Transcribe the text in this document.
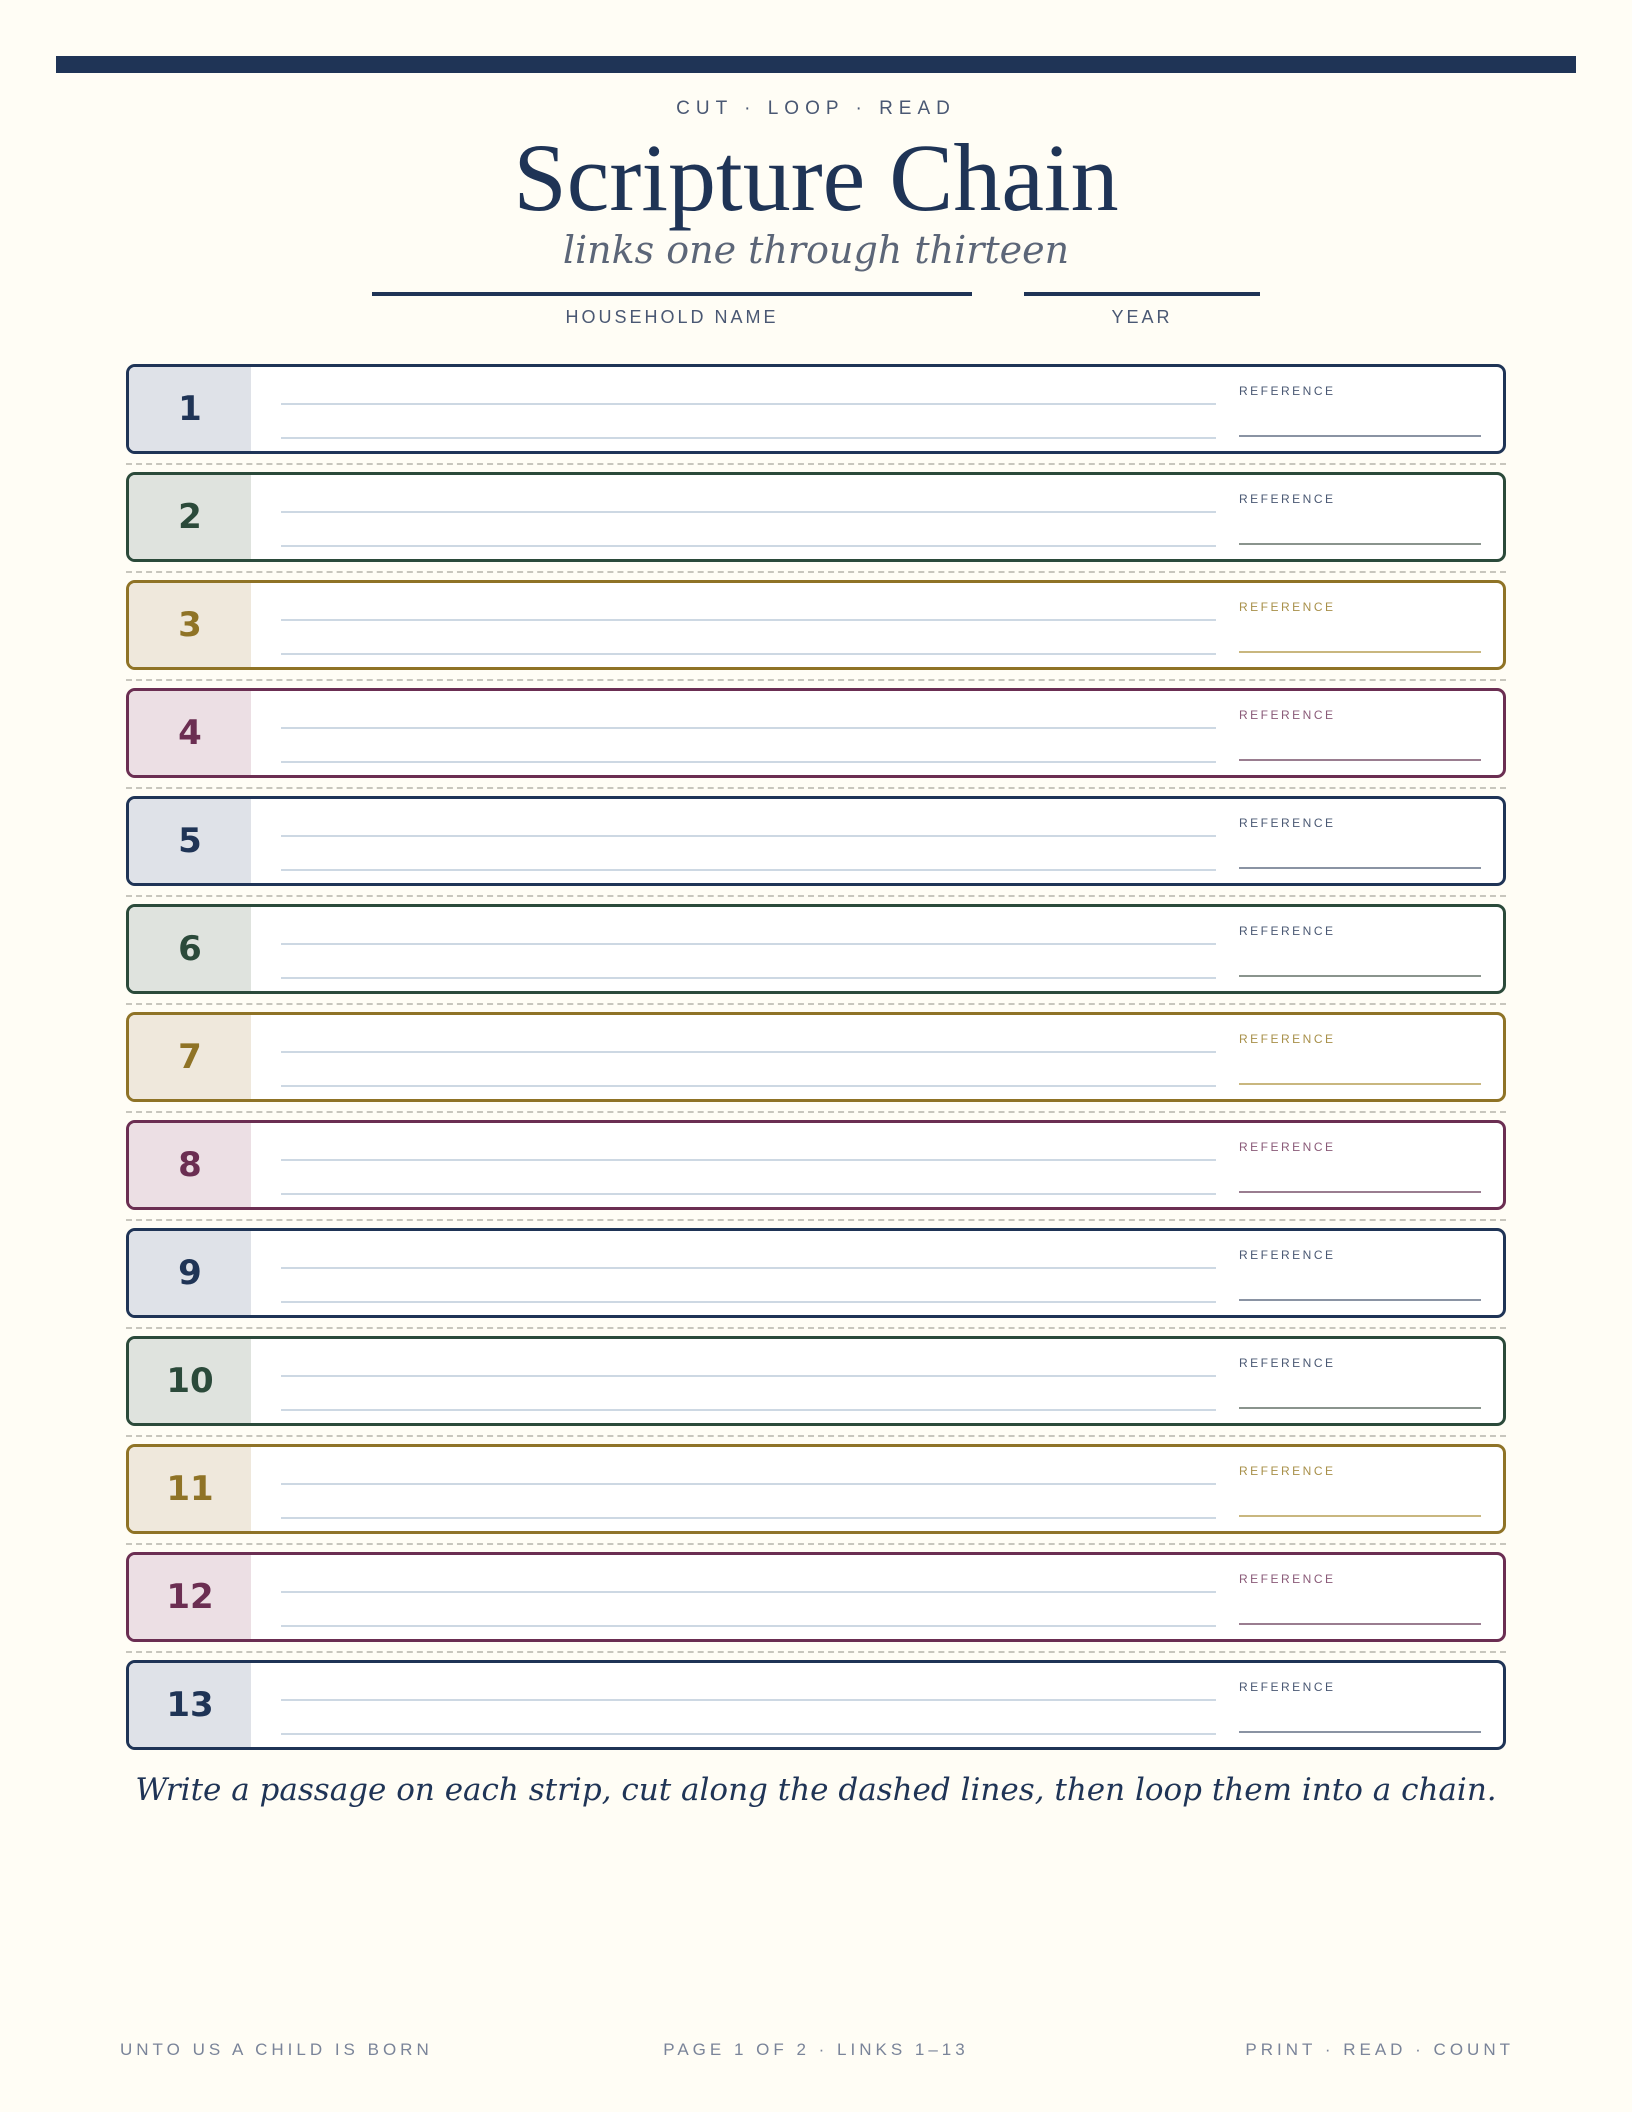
CUT · LOOP · READ
Scripture Chain
links one through thirteen
HOUSEHOLD NAME	YEAR
1	REFERENCE
2	REFERENCE
3	REFERENCE
4	REFERENCE
5	REFERENCE
6	REFERENCE
7	REFERENCE
8	REFERENCE
9	REFERENCE
10	REFERENCE
11	REFERENCE
12	REFERENCE
13	REFERENCE
Write a passage on each strip, cut along the dashed lines, then loop them into a chain.
UNTO US A CHILD IS BORN	PAGE 1 OF 2 · LINKS 1–13	PRINT · READ · COUNT
